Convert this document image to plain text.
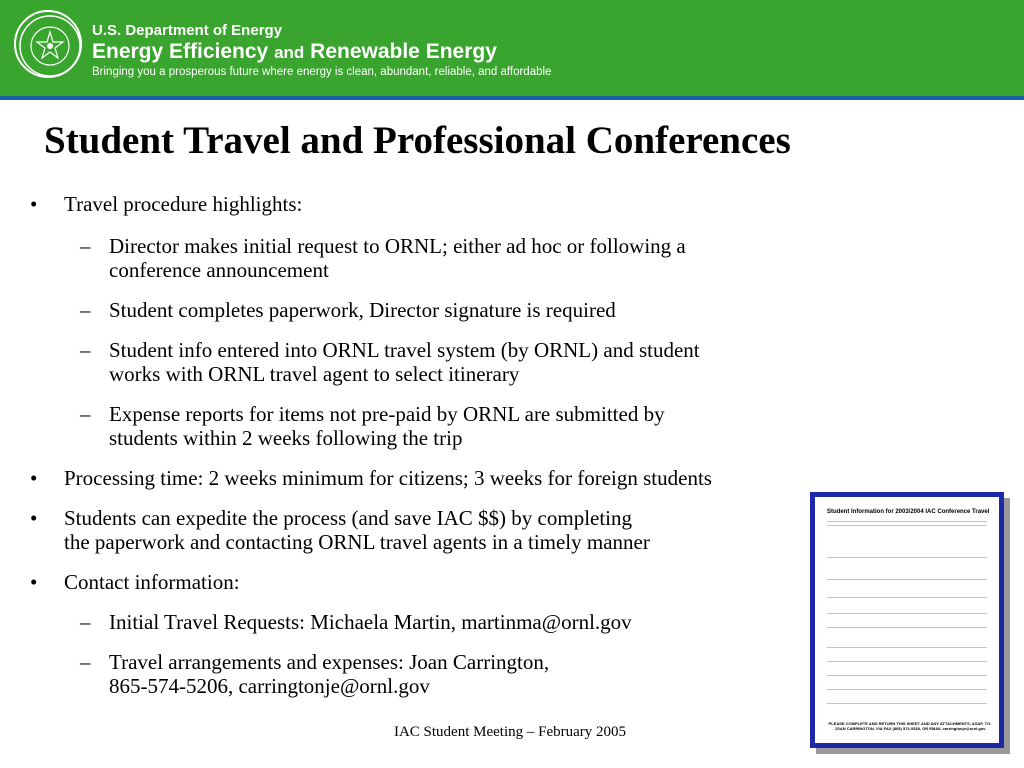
U.S. Department of Energy
Energy Efficiency and Renewable Energy
Bringing you a prosperous future where energy is clean, abundant, reliable, and affordable
Student Travel and Professional Conferences
• Travel procedure highlights:
– Director makes initial request to ORNL; either ad hoc or following a
conference announcement
– Student completes paperwork, Director signature is required
– Student info entered into ORNL travel system (by ORNL) and student
works with ORNL travel agent to select itinerary
– Expense reports for items not pre-paid by ORNL are submitted by
students within 2 weeks following the trip
• Processing time: 2 weeks minimum for citizens; 3 weeks for foreign students
• Students can expedite the process (and save IAC $$) by completing
the paperwork and contacting ORNL travel agents in a timely manner
• Contact information:
– Initial Travel Requests: Michaela Martin, martinma@ornl.gov
– Travel arrangements and expenses: Joan Carrington,
865-574-5206, carringtonje@ornl.gov
Student Information for 2003/2004 IAC Conference Travel
PLEASE COMPLETE AND RETURN THIS SHEET AND ANY ATTACHMENTS, ASAP, TO: JOAN CARRINGTON, VIA FAX (865) 574-9338, OR EMAIL carringtonje@ornl.gov
IAC Student Meeting – February 2005
